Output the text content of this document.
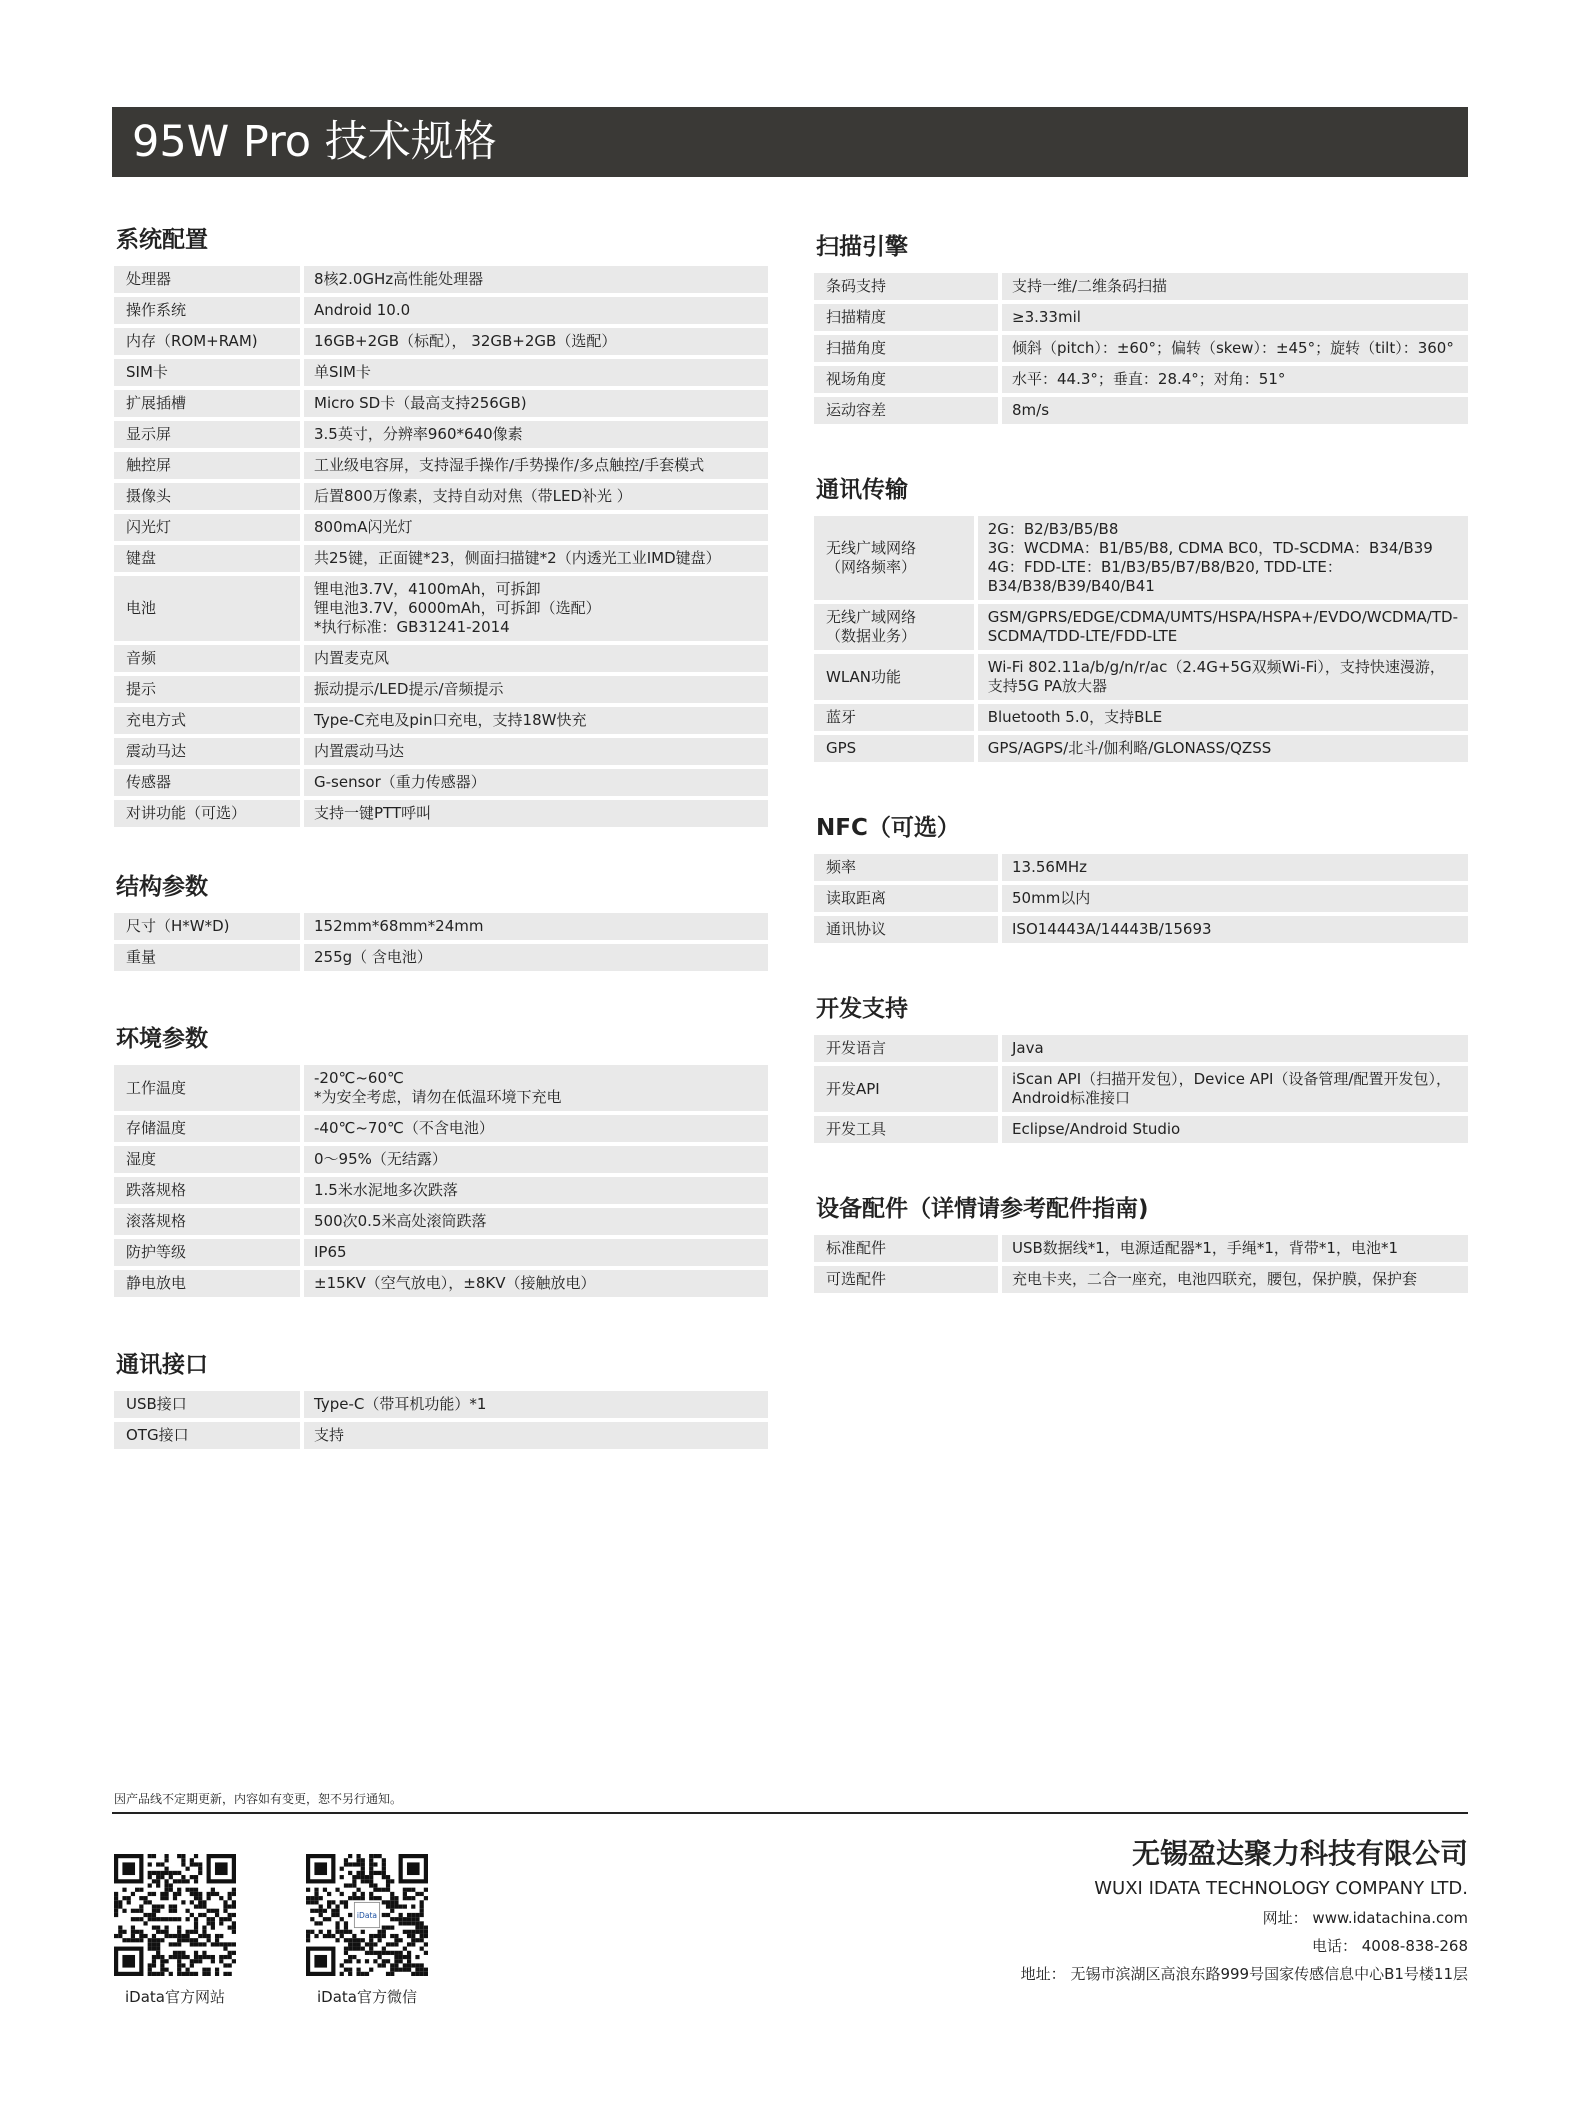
95W Pro 技术规格
系统配置
处理器	8核2.0GHz高性能处理器
操作系统	Android 10.0
内存（ROM+RAM)	16GB+2GB（标配）， 32GB+2GB（选配）
SIM卡	单SIM卡
扩展插槽	Micro SD卡（最高支持256GB)
显示屏	3.5英寸，分辨率960*640像素
触控屏	工业级电容屏，支持湿手操作/手势操作/多点触控/手套模式
摄像头	后置800万像素，支持自动对焦（带LED补光 ）
闪光灯	800mA闪光灯
键盘	共25键，正面键*23，侧面扫描键*2（内透光工业IMD键盘）
电池	锂电池3.7V，4100mAh，可拆卸
锂电池3.7V，6000mAh，可拆卸（选配）
*执行标准：GB31241-2014
音频	内置麦克风
提示	振动提示/LED提示/音频提示
充电方式	Type-C充电及pin口充电，支持18W快充
震动马达	内置震动马达
传感器	G-sensor（重力传感器）
对讲功能（可选）	支持一键PTT呼叫
结构参数
尺寸（H*W*D)	152mm*68mm*24mm
重量	255g（ 含电池）
环境参数
工作温度	-20℃~60℃
*为安全考虑，请勿在低温环境下充电
存储温度	-40℃~70℃（不含电池）
湿度	0～95%（无结露）
跌落规格	1.5米水泥地多次跌落
滚落规格	500次0.5米高处滚筒跌落
防护等级	IP65
静电放电	±15KV（空气放电），±8KV（接触放电）
通讯接口
USB接口	Type-C（带耳机功能）*1
OTG接口	支持
扫描引擎
条码支持	支持一维/二维条码扫描
扫描精度	≥3.33mil
扫描角度	倾斜（pitch）：±60°；偏转（skew）：±45°；旋转（tilt）：360°
视场角度	水平：44.3°；垂直：28.4°；对角：51°
运动容差	8m/s
通讯传输
无线广域网络
（网络频率）	2G：B2/B3/B5/B8
3G：WCDMA：B1/B5/B8, CDMA BC0，TD-SCDMA：B34/B39
4G：FDD-LTE：B1/B3/B5/B7/B8/B20, TDD-LTE：B34/B38/B39/B40/B41
无线广域网络
（数据业务）	GSM/GPRS/EDGE/CDMA/UMTS/HSPA/HSPA+/EVDO/WCDMA/TD-SCDMA/TDD-LTE/FDD-LTE
WLAN功能	Wi-Fi 802.11a/b/g/n/r/ac（2.4G+5G双频Wi-Fi），支持快速漫游，支持5G PA放大器
蓝牙	Bluetooth 5.0，支持BLE
GPS	GPS/AGPS/北斗/伽利略/GLONASS/QZSS
NFC（可选）
频率	13.56MHz
读取距离	50mm以内
通讯协议	ISO14443A/14443B/15693
开发支持
开发语言	Java
开发API	iScan API（扫描开发包），Device API（设备管理/配置开发包），Android标准接口
开发工具	Eclipse/Android Studio
设备配件（详情请参考配件指南)
标准配件	USB数据线*1，电源适配器*1，手绳*1，背带*1，电池*1
可选配件	充电卡夹，二合一座充，电池四联充，腰包，保护膜，保护套
因产品线不定期更新，内容如有变更，恕不另行通知。
iData官方网站
iData
iData官方微信
无锡盈达聚力科技有限公司
WUXI IDATA TECHNOLOGY COMPANY LTD.
网址： www.idatachina.com
电话： 4008-838-268
地址： 无锡市滨湖区高浪东路999号国家传感信息中心B1号楼11层
